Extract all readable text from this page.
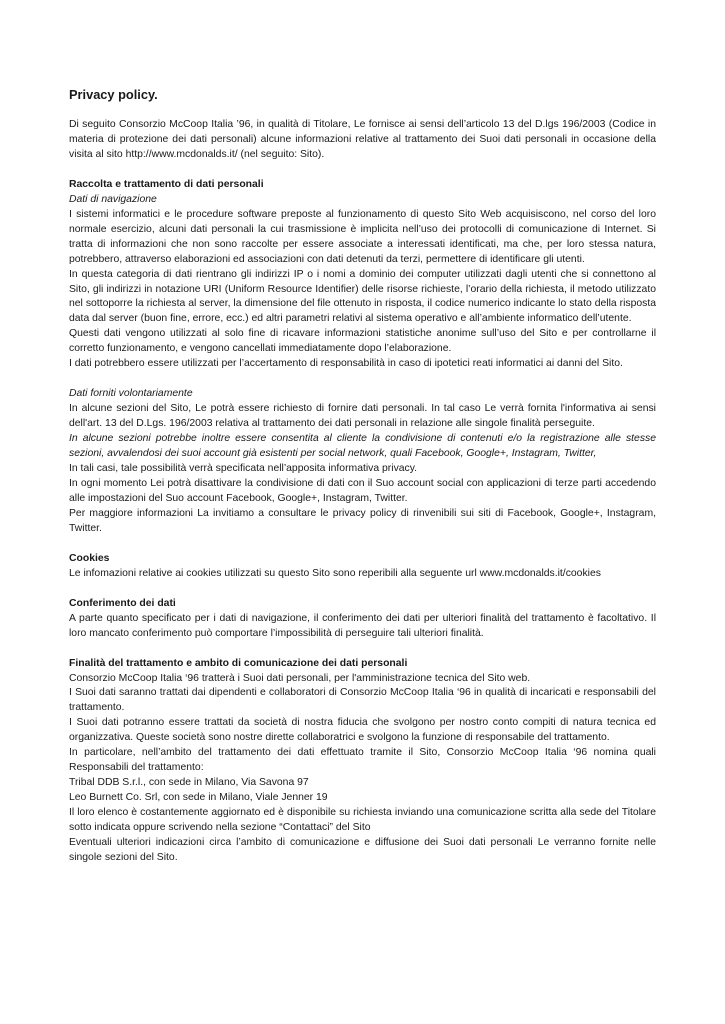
Privacy policy.

Di seguito Consorzio McCoop Italia ’96, in qualità di Titolare, Le fornisce ai sensi dell’articolo 13 del D.lgs 196/2003 (Codice in materia di protezione dei dati personali) alcune informazioni relative al trattamento dei Suoi dati personali in occasione della visita al sito http://www.mcdonalds.it/ (nel seguito: Sito).

Raccolta e trattamento di dati personali
Dati di navigazione

I sistemi informatici e le procedure software preposte al funzionamento di questo Sito Web acquisiscono, nel corso del loro normale esercizio, alcuni dati personali la cui trasmissione è implicita nell’uso dei protocolli di comunicazione di Internet. Si tratta di informazioni che non sono raccolte per essere associate a interessati identificati, ma che, per loro stessa natura, potrebbero, attraverso elaborazioni ed associazioni con dati detenuti da terzi, permettere di identificare gli utenti.

In questa categoria di dati rientrano gli indirizzi IP o i nomi a dominio dei computer utilizzati dagli utenti che si connettono al Sito, gli indirizzi in notazione URI (Uniform Resource Identifier) delle risorse richieste, l’orario della richiesta, il metodo utilizzato nel sottoporre la richiesta al server, la dimensione del file ottenuto in risposta, il codice numerico indicante lo stato della risposta data dal server (buon fine, errore, ecc.) ed altri parametri relativi al sistema operativo e all’ambiente informatico dell’utente.

Questi dati vengono utilizzati al solo fine di ricavare informazioni statistiche anonime sull’uso del Sito e per controllarne il corretto funzionamento, e vengono cancellati immediatamente dopo l’elaborazione.

I dati potrebbero essere utilizzati per l’accertamento di responsabilità in caso di ipotetici reati informatici ai danni del Sito.

Dati forniti volontariamente

In alcune sezioni del Sito, Le potrà essere richiesto di fornire dati personali. In tal caso Le verrà fornita l'informativa ai sensi dell'art. 13 del D.Lgs. 196/2003 relativa al trattamento dei dati personali in relazione alle singole finalità perseguite.

In alcune sezioni potrebbe inoltre essere consentita al cliente la condivisione di contenuti e/o la registrazione alle stesse sezioni, avvalendosi dei suoi account già esistenti per social network, quali Facebook, Google+, Instagram, Twitter,

In tali casi, tale possibilità verrà specificata nell’apposita informativa privacy.

In ogni momento Lei potrà disattivare la condivisione di dati con il Suo account social con applicazioni di terze parti accedendo alle impostazioni del Suo account Facebook, Google+, Instagram, Twitter.

Per maggiore informazioni La invitiamo a consultare le privacy policy di rinvenibili sui siti di Facebook, Google+, Instagram, Twitter.

Cookies

Le infomazioni relative ai cookies utilizzati su questo Sito sono reperibili alla seguente url www.mcdonalds.it/cookies

Conferimento dei dati

A parte quanto specificato per i dati di navigazione, il conferimento dei dati per ulteriori finalità del trattamento è facoltativo. Il loro mancato conferimento può comportare l’impossibilità di perseguire tali ulteriori finalità.

Finalità del trattamento e ambito di comunicazione dei dati personali

Consorzio McCoop Italia ‘96 tratterà i Suoi dati personali, per l'amministrazione tecnica del Sito web.

I Suoi dati saranno trattati dai dipendenti e collaboratori di Consorzio McCoop Italia ‘96 in qualità di incaricati e responsabili del trattamento.

I Suoi dati potranno essere trattati da società di nostra fiducia che svolgono per nostro conto compiti di natura tecnica ed organizzativa. Queste società sono nostre dirette collaboratrici e svolgono la funzione di responsabile del trattamento.

In particolare, nell’ambito del trattamento dei dati effettuato tramite il Sito, Consorzio McCoop Italia ‘96 nomina quali Responsabili del trattamento:

Tribal DDB S.r.l., con sede in Milano, Via Savona 97

Leo Burnett Co. Srl, con sede in Milano, Viale Jenner 19

Il loro elenco è costantemente aggiornato ed è disponibile su richiesta inviando una comunicazione scritta alla sede del Titolare sotto indicata oppure scrivendo nella sezione “Contattaci” del Sito

Eventuali ulteriori indicazioni circa l’ambito di comunicazione e diffusione dei Suoi dati personali Le verranno fornite nelle singole sezioni del Sito.
